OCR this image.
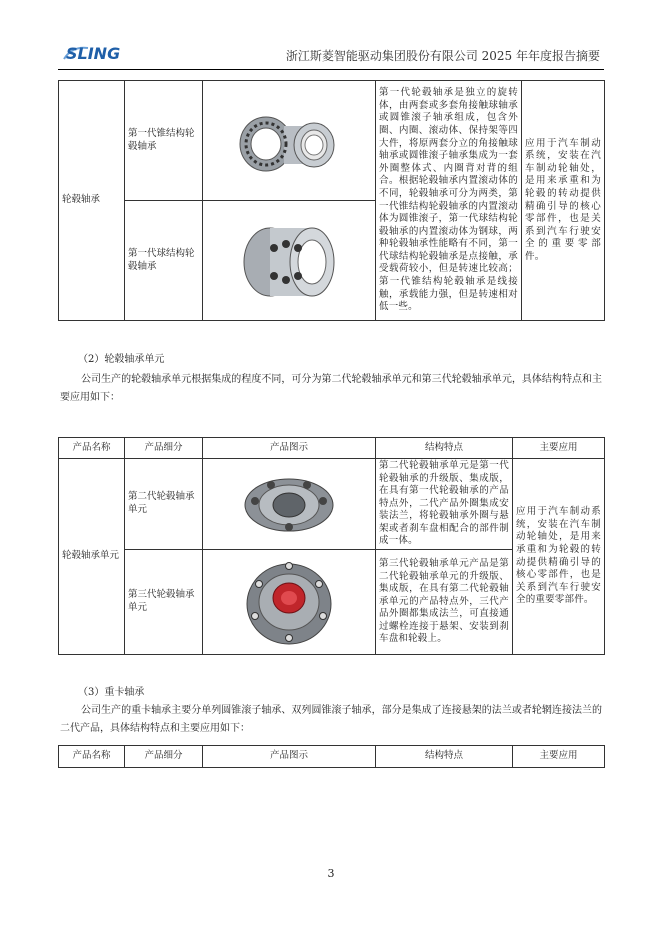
SLING	浙江斯菱智能驱动集团股份有限公司 2025 年年度报告摘要
轮毂轴承	第一代锥结构轮毂轴承		第一代轮毂轴承是独立的旋转体，由两套或多套角接触球轴承或圆锥滚子轴承组成，包含外圈、内圈、滚动体、保持架等四大件，将原两套分立的角接触球轴承或圆锥滚子轴承集成为一套外圈整体式、内圈背对背的组合。根据轮毂轴承内置滚动体的不同，轮毂轴承可分为两类，第一代锥结构轮毂轴承的内置滚动体为圆锥滚子，第一代球结构轮毂轴承的内置滚动体为钢球，两种轮毂轴承性能略有不同，第一代球结构轮毂轴承是点接触，承受载荷较小，但是转速比较高；第一代锥结构轮毂轴承是线接触，承载能力强，但是转速相对低一些。	应用于汽车制动系统，安装在汽车制动轮轴处，是用来承重和为轮毂的转动提供精确引导的核心零部件，也是关系到汽车行驶安全的重要零部件。
	第一代球结构轮毂轴承	
（2）轮毂轴承单元
公司生产的轮毂轴承单元根据集成的程度不同，可分为第二代轮毂轴承单元和第三代轮毂轴承单元，具体结构特点和主要应用如下：
产品名称	产品细分	产品图示	结构特点	主要应用
轮毂轴承单元	第二代轮毂轴承单元		第二代轮毂轴承单元是第一代轮毂轴承的升级版、集成版，在具有第一代轮毂轴承的产品特点外，二代产品外圈集成安装法兰，将轮毂轴承外圈与悬架或者刹车盘相配合的部件制成一体。	应用于汽车制动系统，安装在汽车制动轮轴处，是用来承重和为轮毂的转动提供精确引导的核心零部件，也是关系到汽车行驶安全的重要零部件。
	第三代轮毂轴承单元		第三代轮毂轴承单元产品是第二代轮毂轴承单元的升级版、集成版，在具有第二代轮毂轴承单元的产品特点外，三代产品外圈都集成法兰，可直接通过螺栓连接于悬架、安装到刹车盘和轮毂上。	
（3）重卡轴承
公司生产的重卡轴承主要分单列圆锥滚子轴承、双列圆锥滚子轴承，部分是集成了连接悬架的法兰或者轮辋连接法兰的二代产品，具体结构特点和主要应用如下：
产品名称	产品细分	产品图示	结构特点	主要应用
3
